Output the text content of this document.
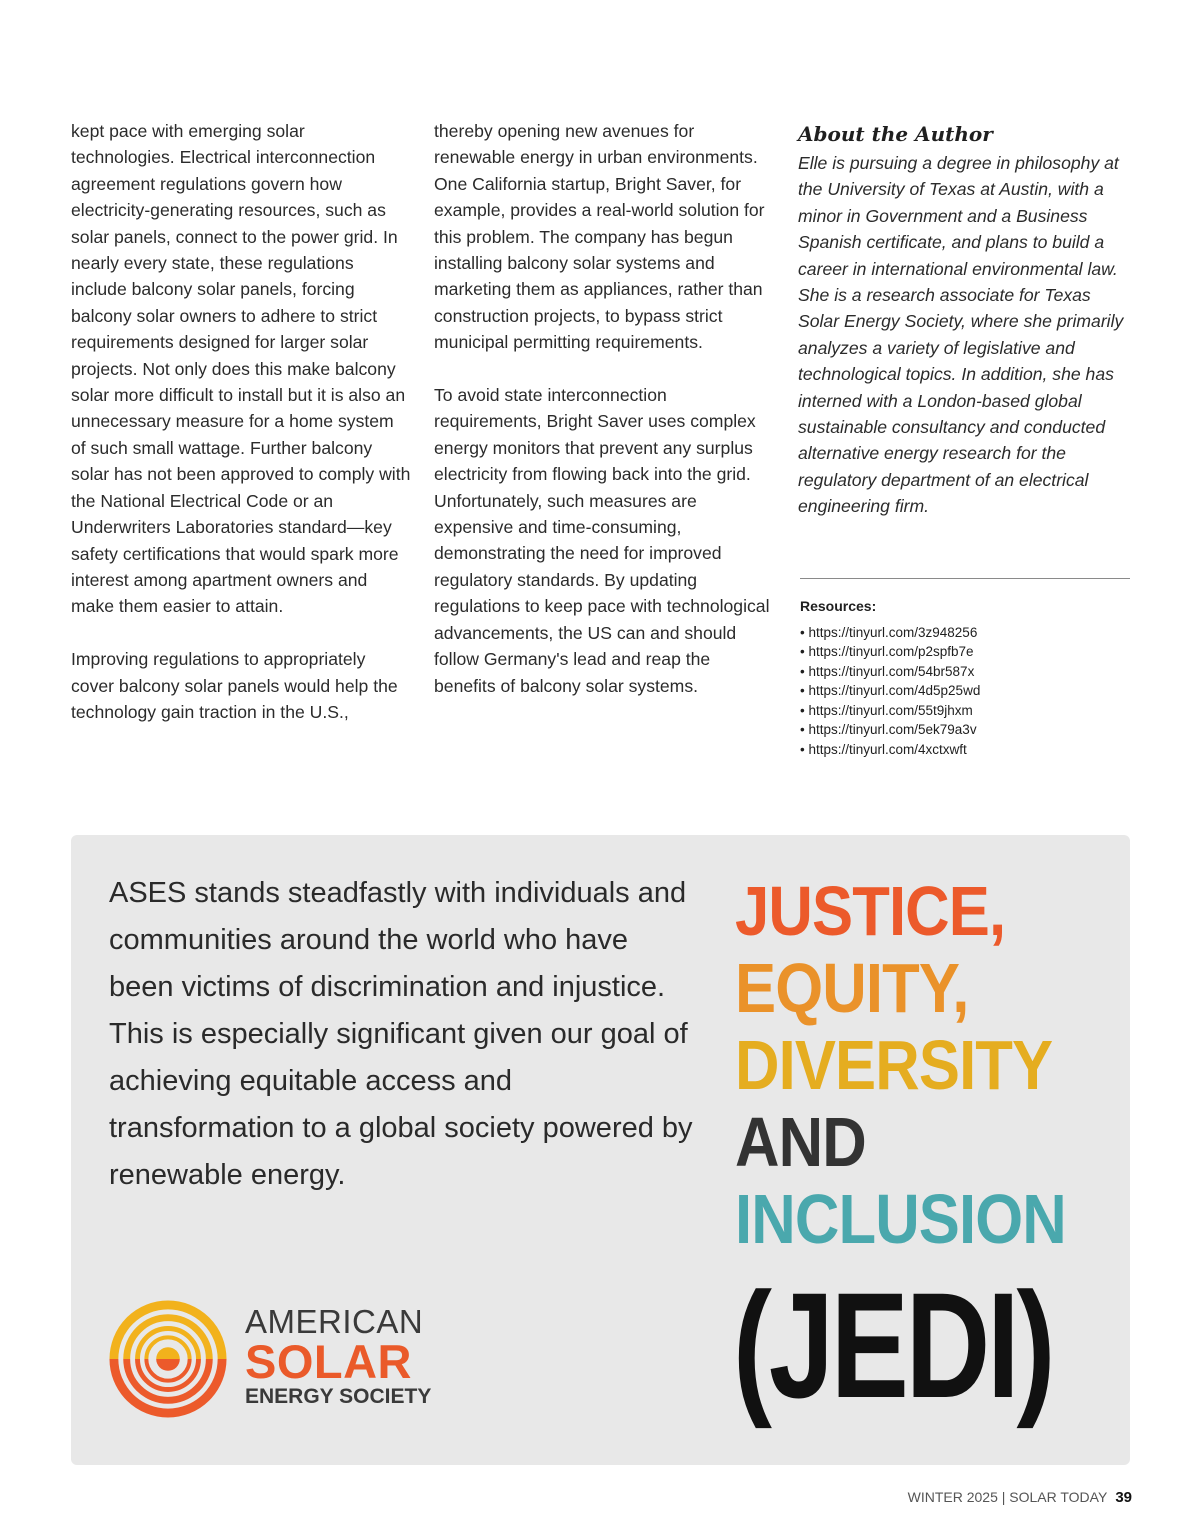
kept pace with emerging solar technologies. Electrical interconnection agreement regulations govern how electricity-generating resources, such as solar panels, connect to the power grid. In nearly every state, these regulations include balcony solar panels, forcing balcony solar owners to adhere to strict requirements designed for larger solar projects. Not only does this make balcony solar more difficult to install but it is also an unnecessary measure for a home system of such small wattage. Further balcony solar has not been approved to comply with the National Electrical Code or an Underwriters Laboratories standard—key safety certifications that would spark more interest among apartment owners and make them easier to attain.

Improving regulations to appropriately cover balcony solar panels would help the technology gain traction in the U.S.,

thereby opening new avenues for renewable energy in urban environments. One California startup, Bright Saver, for example, provides a real-world solution for this problem. The company has begun installing balcony solar systems and marketing them as appliances, rather than construction projects, to bypass strict municipal permitting requirements.

To avoid state interconnection requirements, Bright Saver uses complex energy monitors that prevent any surplus electricity from flowing back into the grid. Unfortunately, such measures are expensive and time-consuming, demonstrating the need for improved regulatory standards. By updating regulations to keep pace with technological advancements, the US can and should follow Germany's lead and reap the benefits of balcony solar systems.

About the Author

Elle is pursuing a degree in philosophy at the University of Texas at Austin, with a minor in Government and a Business Spanish certificate, and plans to build a career in international environmental law. She is a research associate for Texas Solar Energy Society, where she primarily analyzes a variety of legislative and technological topics. In addition, she has interned with a London-based global sustainable consultancy and conducted alternative energy research for the regulatory department of an electrical engineering firm.

Resources:

• https://tinyurl.com/3z948256
• https://tinyurl.com/p2spfb7e
• https://tinyurl.com/54br587x
• https://tinyurl.com/4d5p25wd
• https://tinyurl.com/55t9jhxm
• https://tinyurl.com/5ek79a3v
• https://tinyurl.com/4xctxwft

ASES stands steadfastly with individuals and communities around the world who have been victims of discrimination and injustice. This is especially significant given our goal of achieving equitable access and transformation to a global society powered by renewable energy.

JUSTICE,
EQUITY,
DIVERSITY
AND
INCLUSION
(JEDI)
AMERICAN
SOLAR
ENERGY SOCIETY
WINTER 2025 | SOLAR TODAY 39
